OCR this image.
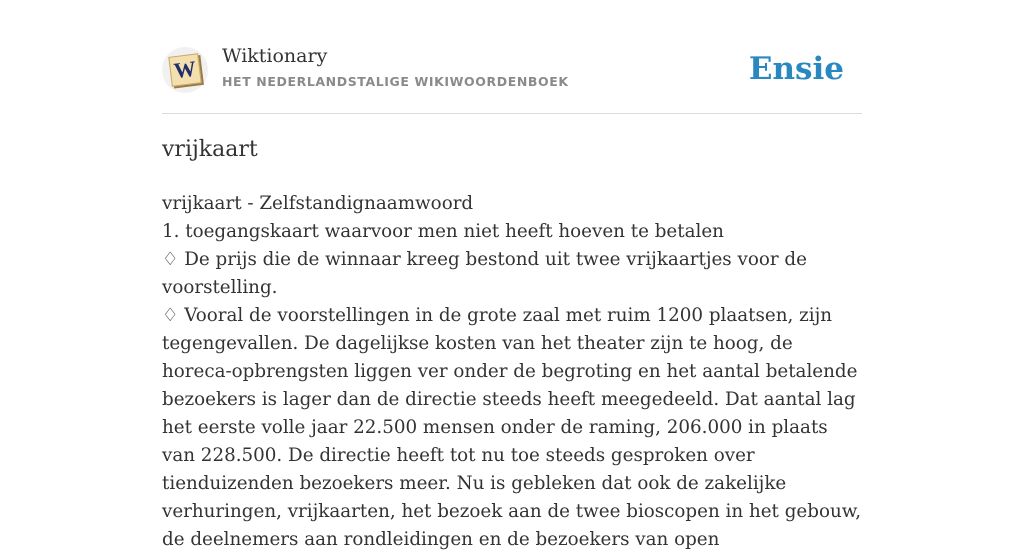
W Wiktionary
HET NEDERLANDSTALIGE WIKIWOORDENBOEK	Ensie
vrijkaart

vrijkaart - Zelfstandignaamwoord

1. toegangskaart waarvoor men niet heeft hoeven te betalen

♢ De prijs die de winnaar kreeg bestond uit twee vrijkaartjes voor de voorstelling.

♢ Vooral de voorstellingen in de grote zaal met ruim 1200 plaatsen, zijn tegengevallen. De dagelijkse kosten van het theater zijn te hoog, de horeca-opbrengsten liggen ver onder de begroting en het aantal betalende bezoekers is lager dan de directie steeds heeft meegedeeld. Dat aantal lag het eerste volle jaar 22.500 mensen onder de raming, 206.000 in plaats van 228.500. De directie heeft tot nu toe steeds gesproken over tienduizenden bezoekers meer. Nu is gebleken dat ook de zakelijke verhuringen, vrijkaarten, het bezoek aan de twee bioscopen in het gebouw, de deelnemers aan rondleidingen en de bezoekers van open
